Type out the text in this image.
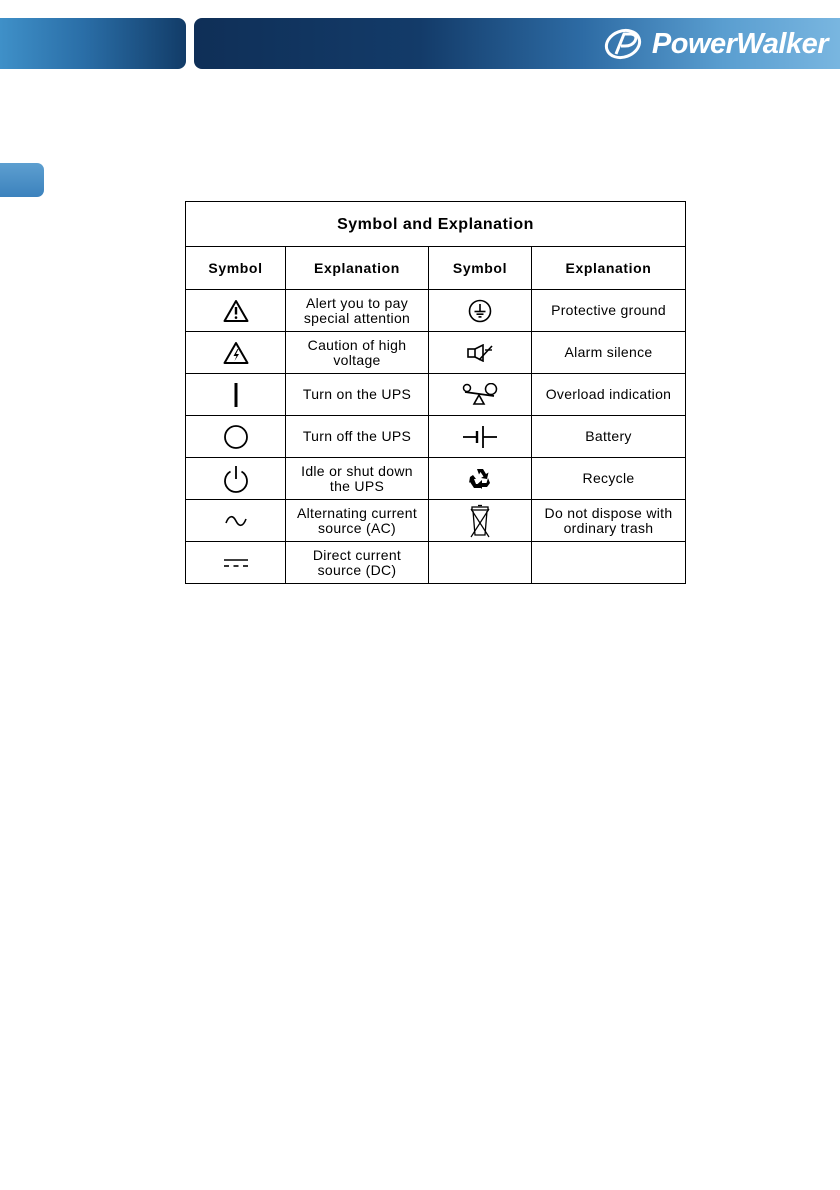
PowerWalker
Symbol and Explanation			
Symbol	Explanation	Symbol	Explanation

	Alert you to pay special attention		Protective ground

	Caution of high voltage		Alarm silence

	Turn on the UPS		Overload indication

	Turn off the UPS		Battery

	Idle or shut down the UPS		Recycle

	Alternating current source (AC)		Do not dispose with ordinary trash

	Direct current source (DC)		
